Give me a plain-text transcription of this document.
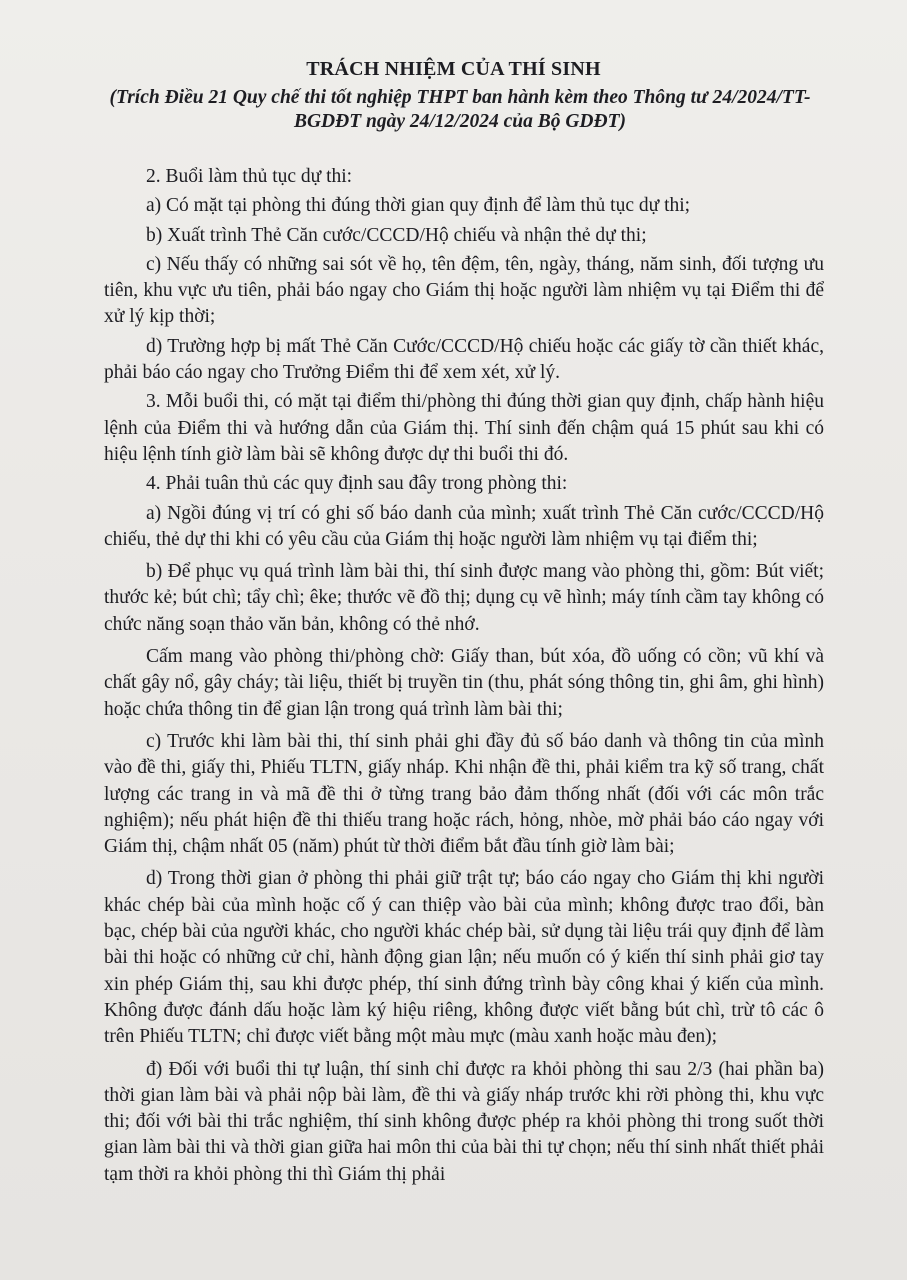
TRÁCH NHIỆM CỦA THÍ SINH
(Trích Điều 21 Quy chế thi tốt nghiệp THPT ban hành kèm theo Thông tư 24/2024/TT-BGDĐT ngày 24/12/2024 của Bộ GDĐT)

2. Buổi làm thủ tục dự thi:

a) Có mặt tại phòng thi đúng thời gian quy định để làm thủ tục dự thi;

b) Xuất trình Thẻ Căn cước/CCCD/Hộ chiếu và nhận thẻ dự thi;

c) Nếu thấy có những sai sót về họ, tên đệm, tên, ngày, tháng, năm sinh, đối tượng ưu tiên, khu vực ưu tiên, phải báo ngay cho Giám thị hoặc người làm nhiệm vụ tại Điểm thi để xử lý kịp thời;

d) Trường hợp bị mất Thẻ Căn Cước/CCCD/Hộ chiếu hoặc các giấy tờ cần thiết khác, phải báo cáo ngay cho Trưởng Điểm thi để xem xét, xử lý.

3. Mỗi buổi thi, có mặt tại điểm thi/phòng thi đúng thời gian quy định, chấp hành hiệu lệnh của Điểm thi và hướng dẫn của Giám thị. Thí sinh đến chậm quá 15 phút sau khi có hiệu lệnh tính giờ làm bài sẽ không được dự thi buổi thi đó.

4. Phải tuân thủ các quy định sau đây trong phòng thi:

a) Ngồi đúng vị trí có ghi số báo danh của mình; xuất trình Thẻ Căn cước/CCCD/Hộ chiếu, thẻ dự thi khi có yêu cầu của Giám thị hoặc người làm nhiệm vụ tại điểm thi;

b) Để phục vụ quá trình làm bài thi, thí sinh được mang vào phòng thi, gồm: Bút viết; thước kẻ; bút chì; tẩy chì; êke; thước vẽ đồ thị; dụng cụ vẽ hình; máy tính cầm tay không có chức năng soạn thảo văn bản, không có thẻ nhớ.

Cấm mang vào phòng thi/phòng chờ: Giấy than, bút xóa, đồ uống có cồn; vũ khí và chất gây nổ, gây cháy; tài liệu, thiết bị truyền tin (thu, phát sóng thông tin, ghi âm, ghi hình) hoặc chứa thông tin để gian lận trong quá trình làm bài thi;

c) Trước khi làm bài thi, thí sinh phải ghi đầy đủ số báo danh và thông tin của mình vào đề thi, giấy thi, Phiếu TLTN, giấy nháp. Khi nhận đề thi, phải kiểm tra kỹ số trang, chất lượng các trang in và mã đề thi ở từng trang bảo đảm thống nhất (đối với các môn trắc nghiệm); nếu phát hiện đề thi thiếu trang hoặc rách, hỏng, nhòe, mờ phải báo cáo ngay với Giám thị, chậm nhất 05 (năm) phút từ thời điểm bắt đầu tính giờ làm bài;

d) Trong thời gian ở phòng thi phải giữ trật tự; báo cáo ngay cho Giám thị khi người khác chép bài của mình hoặc cố ý can thiệp vào bài của mình; không được trao đổi, bàn bạc, chép bài của người khác, cho người khác chép bài, sử dụng tài liệu trái quy định để làm bài thi hoặc có những cử chỉ, hành động gian lận; nếu muốn có ý kiến thí sinh phải giơ tay xin phép Giám thị, sau khi được phép, thí sinh đứng trình bày công khai ý kiến của mình. Không được đánh dấu hoặc làm ký hiệu riêng, không được viết bằng bút chì, trừ tô các ô trên Phiếu TLTN; chỉ được viết bằng một màu mực (màu xanh hoặc màu đen);

đ) Đối với buổi thi tự luận, thí sinh chỉ được ra khỏi phòng thi sau 2/3 (hai phần ba) thời gian làm bài và phải nộp bài làm, đề thi và giấy nháp trước khi rời phòng thi, khu vực thi; đối với bài thi trắc nghiệm, thí sinh không được phép ra khỏi phòng thi trong suốt thời gian làm bài thi và thời gian giữa hai môn thi của bài thi tự chọn; nếu thí sinh nhất thiết phải tạm thời ra khỏi phòng thi thì Giám thị phải
